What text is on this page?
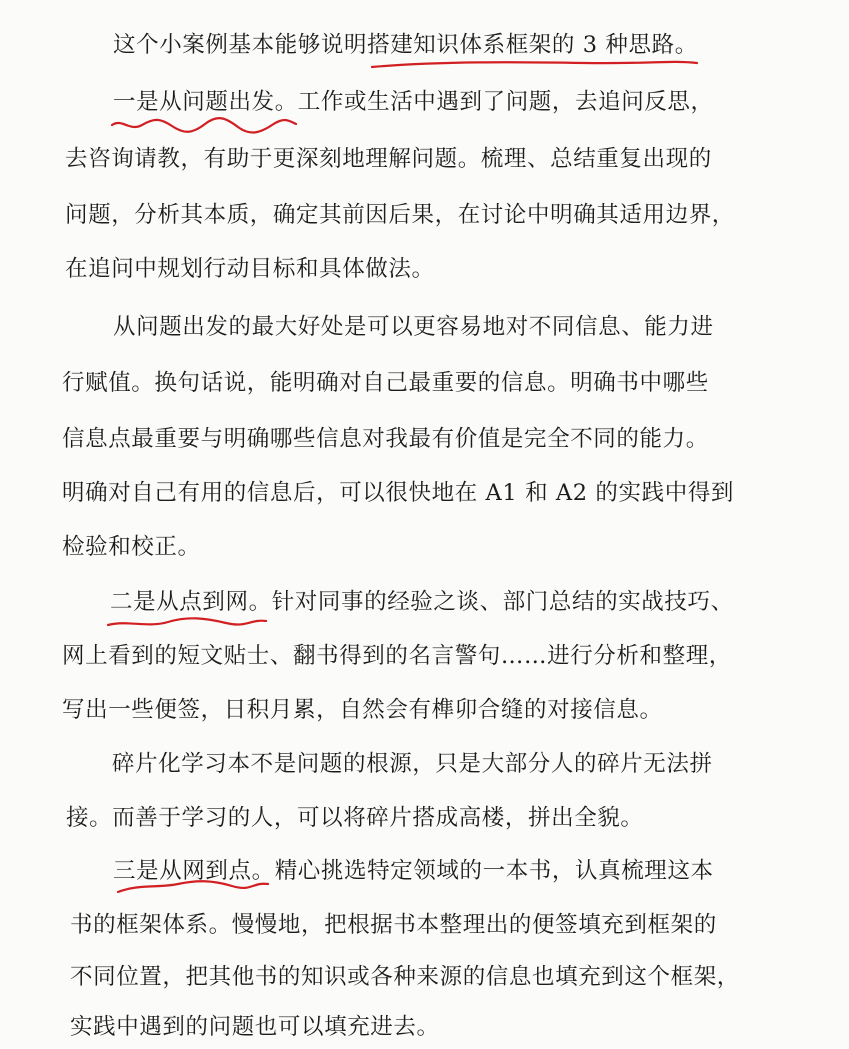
这个小案例基本能够说明搭建知识体系框架的 3 种思路。
一是从问题出发。工作或生活中遇到了问题，去追问反思，
去咨询请教，有助于更深刻地理解问题。梳理、总结重复出现的
问题，分析其本质，确定其前因后果，在讨论中明确其适用边界，
在追问中规划行动目标和具体做法。
从问题出发的最大好处是可以更容易地对不同信息、能力进
行赋值。换句话说，能明确对自己最重要的信息。明确书中哪些
信息点最重要与明确哪些信息对我最有价值是完全不同的能力。
明确对自己有用的信息后，可以很快地在 A1 和 A2 的实践中得到
检验和校正。
二是从点到网。针对同事的经验之谈、部门总结的实战技巧、
网上看到的短文贴士、翻书得到的名言警句……进行分析和整理，
写出一些便签，日积月累，自然会有榫卯合缝的对接信息。
碎片化学习本不是问题的根源，只是大部分人的碎片无法拼
接。而善于学习的人，可以将碎片搭成高楼，拼出全貌。
三是从网到点。精心挑选特定领域的一本书，认真梳理这本
书的框架体系。慢慢地，把根据书本整理出的便签填充到框架的
不同位置，把其他书的知识或各种来源的信息也填充到这个框架，
实践中遇到的问题也可以填充进去。
